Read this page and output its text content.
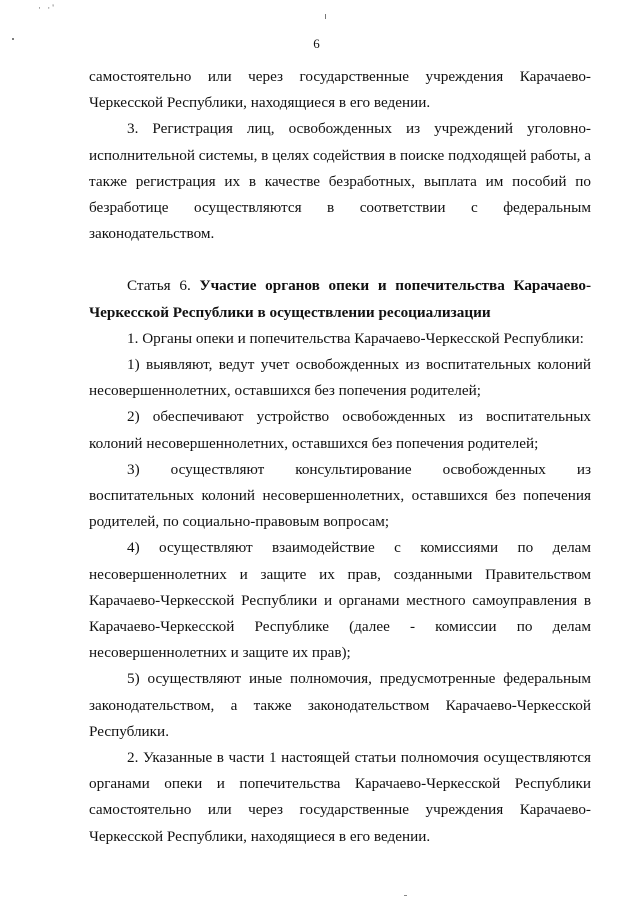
· ·'
6

самостоятельно или через государственные учреждения Карачаево-Черкесской Республики, находящиеся в его ведении.

3. Регистрация лиц, освобожденных из учреждений уголовно-исполнительной системы, в целях содействия в поиске подходящей работы, а также регистрация их в качестве безработных, выплата им пособий по безработице осуществляются в соответствии с федеральным законодательством.

Статья 6. Участие органов опеки и попечительства Карачаево-Черкесской Республики в осуществлении ресоциализации

1. Органы опеки и попечительства Карачаево-Черкесской Республики:

1) выявляют, ведут учет освобожденных из воспитательных колоний несовершеннолетних, оставшихся без попечения родителей;

2) обеспечивают устройство освобожденных из воспитательных колоний несовершеннолетних, оставшихся без попечения родителей;

3) осуществляют консультирование освобожденных из воспитательных колоний несовершеннолетних, оставшихся без попечения родителей, по социально-правовым вопросам;

4) осуществляют взаимодействие с комиссиями по делам несовершеннолетних и защите их прав, созданными Правительством Карачаево-Черкесской Республики и органами местного самоуправления в Карачаево-Черкесской Республике (далее - комиссии по делам несовершеннолетних и защите их прав);

5) осуществляют иные полномочия, предусмотренные федеральным законодательством, а также законодательством Карачаево-Черкесской Республики.

2. Указанные в части 1 настоящей статьи полномочия осуществляются органами опеки и попечительства Карачаево-Черкесской Республики самостоятельно или через государственные учреждения Карачаево-Черкесской Республики, находящиеся в его ведении.
